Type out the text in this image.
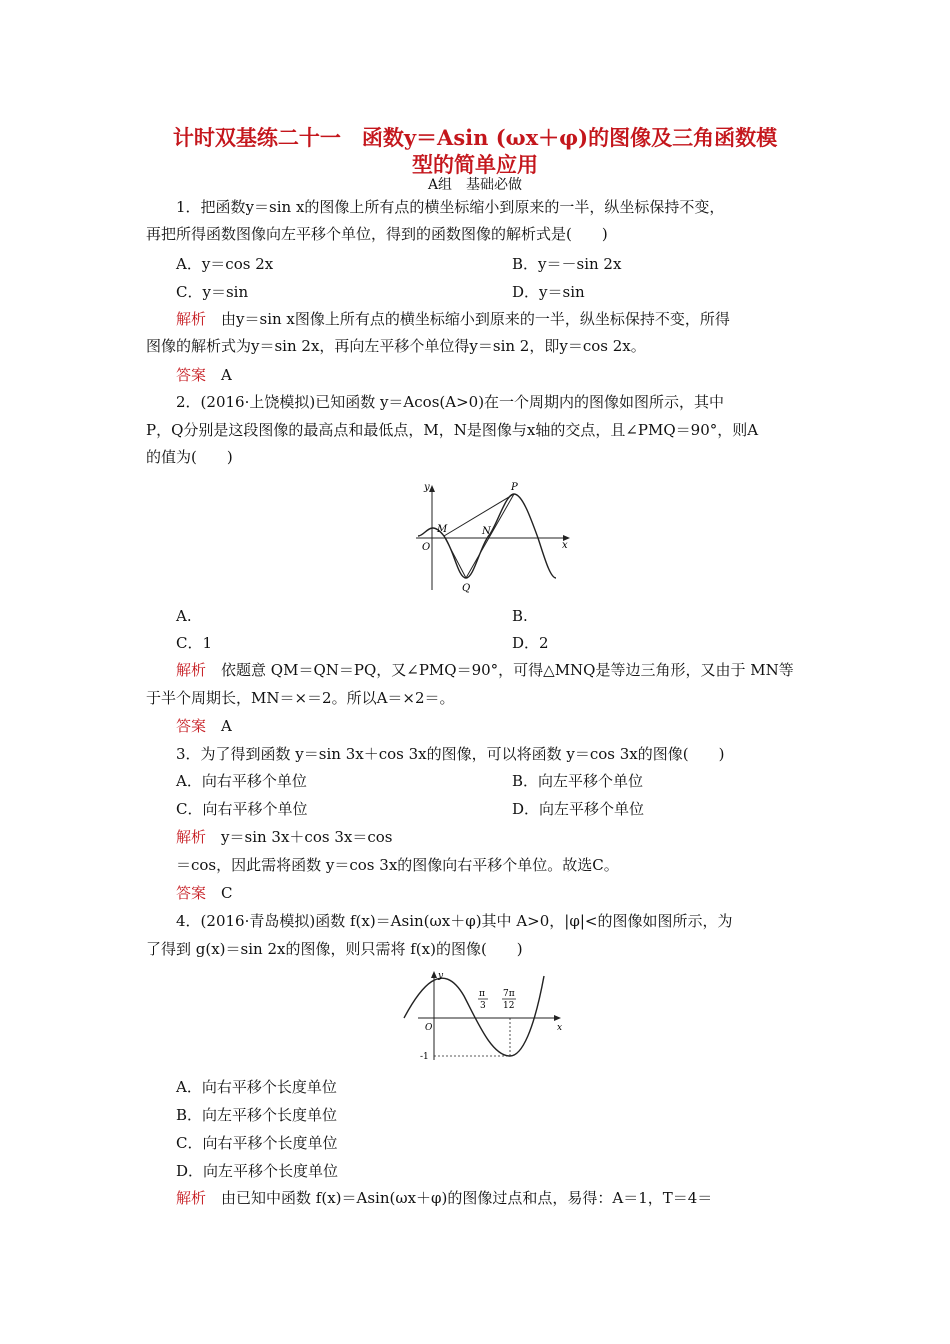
计时双基练二十一　函数y＝Asin (ωx＋φ)的图像及三角函数模
型的简单应用
A组　基础必做
1．把函数y＝sin x的图像上所有点的横坐标缩小到原来的一半，纵坐标保持不变，
再把所得函数图像向左平移个单位，得到的函数图像的解析式是(　　)
A．y＝cos 2x	B．y＝－sin 2x
C．y＝sin	D．y＝sin
解析　由y＝sin x图像上所有点的横坐标缩小到原来的一半，纵坐标保持不变，所得
图像的解析式为y＝sin 2x，再向左平移个单位得y＝sin 2，即y＝cos 2x。
答案　A
2．(2016·上饶模拟)已知函数 y＝Acos(A>0)在一个周期内的图像如图所示，其中
P，Q分别是这段图像的最高点和最低点，M，N是图像与x轴的交点，且∠PMQ＝90°，则A
的值为(　　)
y	P
M	N
O
Q
x
A.	B.
C．1	D．2
解析　依题意 QM＝QN＝PQ，又∠PMQ＝90°，可得△MNQ是等边三角形，又由于 MN等
于半个周期长，MN＝×＝2。所以A＝×2＝。
答案　A
3．为了得到函数 y＝sin 3x＋cos 3x的图像，可以将函数 y＝cos 3x的图像(　　)
A．向右平移个单位	B．向左平移个单位
C．向右平移个单位	D．向左平移个单位
解析　y＝sin 3x＋cos 3x＝cos
＝cos，因此需将函数 y＝cos 3x的图像向右平移个单位。故选C。
答案　C
4．(2016·青岛模拟)函数 f(x)＝Asin(ωx＋φ)其中 A>0，|φ|<的图像如图所示，为
了得到 g(x)＝sin 2x的图像，则只需将 f(x)的图像(　　)
y
π
3
7π
12
O	x
-1
A．向右平移个长度单位
B．向左平移个长度单位
C．向右平移个长度单位
D．向左平移个长度单位
解析　由已知中函数 f(x)＝Asin(ωx＋φ)的图像过点和点，易得：A＝1，T＝4＝
